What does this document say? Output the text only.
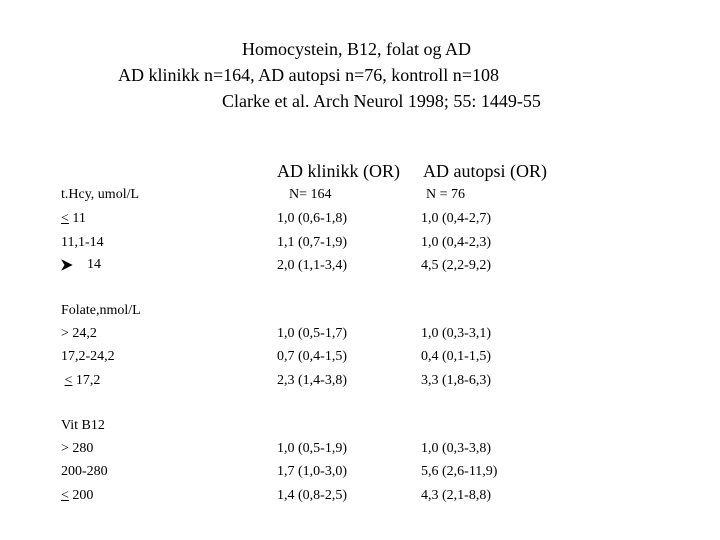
Homocystein, B12, folat og AD
AD klinikk n=164, AD autopsi n=76, kontroll n=108
Clarke et al. Arch Neurol 1998; 55: 1449-55
AD klinikk (OR) AD autopsi (OR)
t.Hcy, umol/L	N= 164	N = 76
< 11	1,0 (0,6-1,8)	1,0 (0,4-2,7)
11,1-14	1,1 (0,7-1,9)	1,0 (0,4-2,3)
14	2,0 (1,1-3,4)	4,5 (2,2-9,2)
Folate,nmol/L
> 24,2	1,0 (0,5-1,7)	1,0 (0,3-3,1)
17,2-24,2	0,7 (0,4-1,5)	0,4 (0,1-1,5)
< 17,2	2,3 (1,4-3,8)	3,3 (1,8-6,3)
Vit B12
> 280	1,0 (0,5-1,9)	1,0 (0,3-3,8)
200-280	1,7 (1,0-3,0)	5,6 (2,6-11,9)
< 200	1,4 (0,8-2,5)	4,3 (2,1-8,8)
